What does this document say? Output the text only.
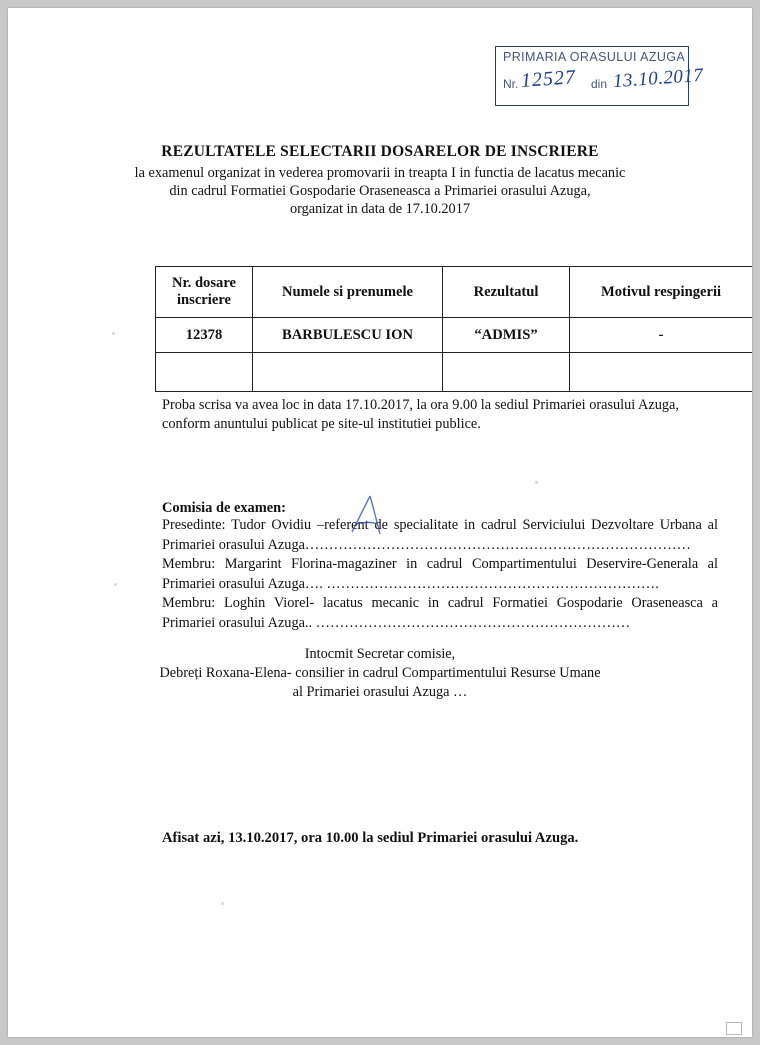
PRIMARIA ORASULUI AZUGA
Nr.	din
12527 13.10.2017
REZULTATELE SELECTARII DOSARELOR DE INSCRIERE
la examenul organizat in vederea promovarii in treapta I in functia de lacatus mecanic
din cadrul Formatiei Gospodarie Oraseneasca a Primariei orasului Azuga,
organizat in data de 17.10.2017
Nr. dosare inscriere	Numele si prenumele	Rezultatul	Motivul respingerii
12378	BARBULESCU ION	“ADMIS”	-

Proba scrisa va avea loc in data 17.10.2017, la ora 9.00 la sediul Primariei orasului Azuga, conform anuntului publicat pe site-ul institutiei publice.
Comisia de examen:
Presedinte: Tudor Ovidiu –referent de specialitate in cadrul Serviciului Dezvoltare Urbana al Primariei orasului Azuga………………………………………………………………………
Membru: Margarint Florina-magaziner in cadrul Compartimentului Deservire-Generala al Primariei orasului Azuga…. …………………………………………………………….
Membru: Loghin Viorel- lacatus mecanic in cadrul Formatiei Gospodarie Oraseneasca a Primariei orasului Azuga.. …………………………………………………………
Intocmit Secretar comisie,
Debreți Roxana-Elena- consilier in cadrul Compartimentului Resurse Umane
al Primariei orasului Azuga …
Afisat azi, 13.10.2017, ora 10.00 la sediul Primariei orasului Azuga.
